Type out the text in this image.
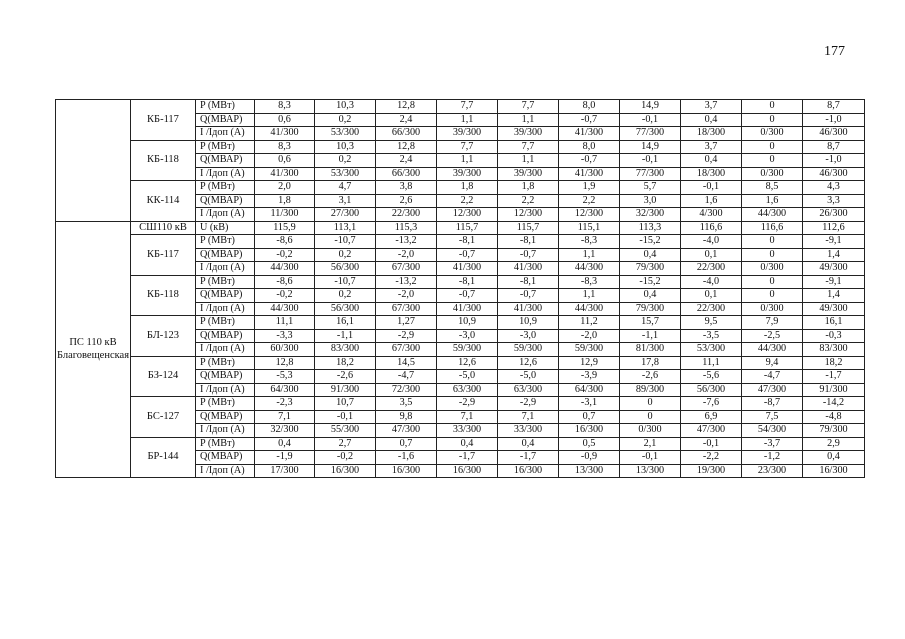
177
	КБ-117	P (МВт)	8,3	10,3	12,8	7,7	7,7	8,0	14,9	3,7	0	8,7
		Q(МВАР)	0,6	0,2	2,4	1,1	1,1	-0,7	-0,1	0,4	0	-1,0
		I /Iдоп (А)	41/300	53/300	66/300	39/300	39/300	41/300	77/300	18/300	0/300	46/300
	КБ-118	P (МВт)	8,3	10,3	12,8	7,7	7,7	8,0	14,9	3,7	0	8,7
		Q(МВАР)	0,6	0,2	2,4	1,1	1,1	-0,7	-0,1	0,4	0	-1,0
		I /Iдоп (А)	41/300	53/300	66/300	39/300	39/300	41/300	77/300	18/300	0/300	46/300
	КК-114	P (МВт)	2,0	4,7	3,8	1,8	1,8	1,9	5,7	-0,1	8,5	4,3
		Q(МВАР)	1,8	3,1	2,6	2,2	2,2	2,2	3,0	1,6	1,6	3,3
		I /Iдоп (А)	11/300	27/300	22/300	12/300	12/300	12/300	32/300	4/300	44/300	26/300
ПС 110 кВ Благовещенская	СШ110 кВ	U (кВ)	115,9	113,1	115,3	115,7	115,7	115,1	113,3	116,6	116,6	112,6
	КБ-117	P (МВт)	-8,6	-10,7	-13,2	-8,1	-8,1	-8,3	-15,2	-4,0	0	-9,1
		Q(МВАР)	-0,2	0,2	-2,0	-0,7	-0,7	1,1	0,4	0,1	0	1,4
		I /Iдоп (А)	44/300	56/300	67/300	41/300	41/300	44/300	79/300	22/300	0/300	49/300
	КБ-118	P (МВт)	-8,6	-10,7	-13,2	-8,1	-8,1	-8,3	-15,2	-4,0	0	-9,1
		Q(МВАР)	-0,2	0,2	-2,0	-0,7	-0,7	1,1	0,4	0,1	0	1,4
		I /Iдоп (А)	44/300	56/300	67/300	41/300	41/300	44/300	79/300	22/300	0/300	49/300
	БЛ-123	P (МВт)	11,1	16,1	1,27	10,9	10,9	11,2	15,7	9,5	7,9	16,1
		Q(МВАР)	-3,3	-1,1	-2,9	-3,0	-3,0	-2,0	-1,1	-3,5	-2,5	-0,3
		I /Iдоп (А)	60/300	83/300	67/300	59/300	59/300	59/300	81/300	53/300	44/300	83/300
	БЗ-124	P (МВт)	12,8	18,2	14,5	12,6	12,6	12,9	17,8	11,1	9,4	18,2
		Q(МВАР)	-5,3	-2,6	-4,7	-5,0	-5,0	-3,9	-2,6	-5,6	-4,7	-1,7
		I /Iдоп (А)	64/300	91/300	72/300	63/300	63/300	64/300	89/300	56/300	47/300	91/300
	БС-127	P (МВт)	-2,3	10,7	3,5	-2,9	-2,9	-3,1	0	-7,6	-8,7	-14,2
		Q(МВАР)	7,1	-0,1	9,8	7,1	7,1	0,7	0	6,9	7,5	-4,8
		I /Iдоп (А)	32/300	55/300	47/300	33/300	33/300	16/300	0/300	47/300	54/300	79/300
	БР-144	P (МВт)	0,4	2,7	0,7	0,4	0,4	0,5	2,1	-0,1	-3,7	2,9
		Q(МВАР)	-1,9	-0,2	-1,6	-1,7	-1,7	-0,9	-0,1	-2,2	-1,2	0,4
		I /Iдоп (А)	17/300	16/300	16/300	16/300	16/300	13/300	13/300	19/300	23/300	16/300
